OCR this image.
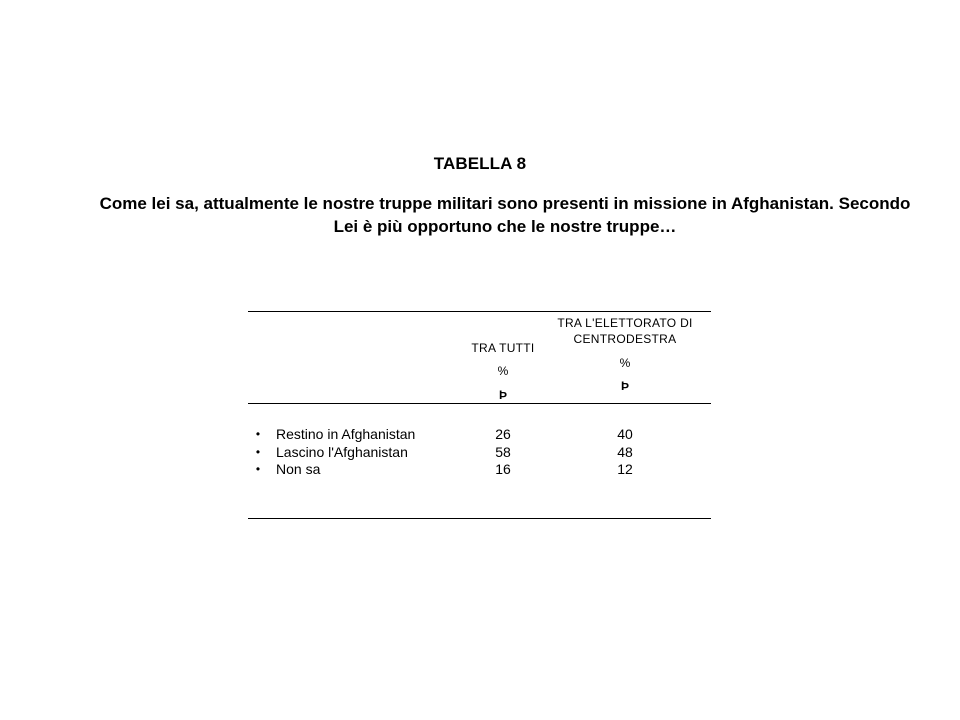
TABELLA 8
Come lei sa, attualmente le nostre truppe militari sono presenti in missione in Afghanistan. Secondo
Lei è più opportuno che le nostre truppe…
TRA TUTTI
TRA L'ELETTORATO DI CENTRODESTRA
%
%
Þ
Þ
• Restino in Afghanistan	26	40
• Lascino l'Afghanistan	58	48
• Non sa	16	12
